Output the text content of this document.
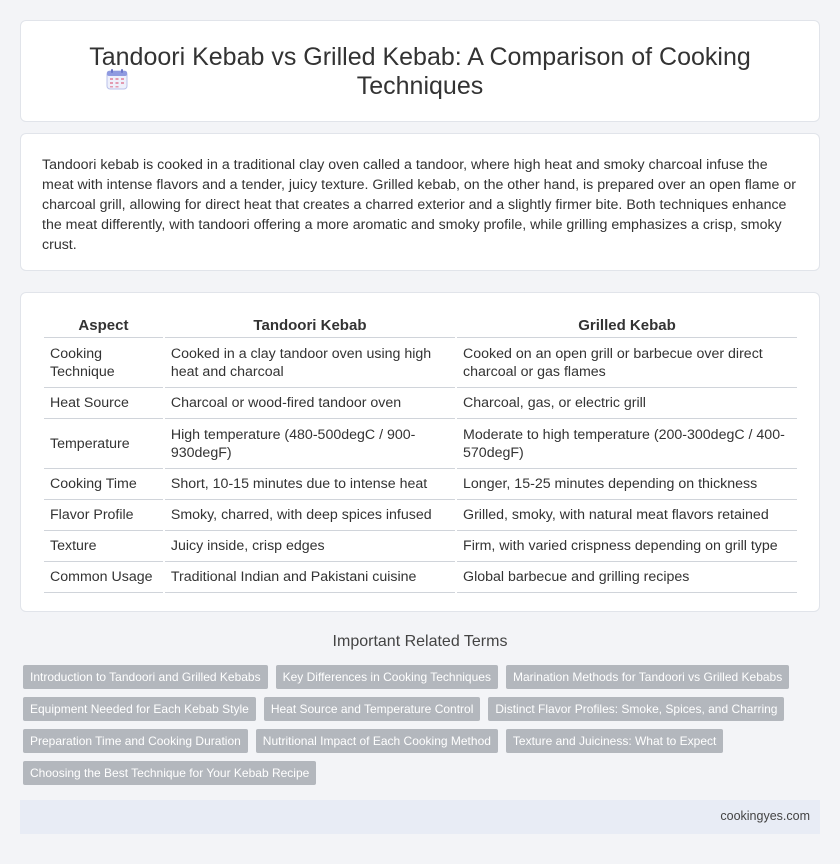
Tandoori Kebab vs Grilled Kebab: A Comparison of Cooking Techniques

Tandoori kebab is cooked in a traditional clay oven called a tandoor, where high heat and smoky charcoal infuse the meat with intense flavors and a tender, juicy texture. Grilled kebab, on the other hand, is prepared over an open flame or charcoal grill, allowing for direct heat that creates a charred exterior and a slightly firmer bite. Both techniques enhance the meat differently, with tandoori offering a more aromatic and smoky profile, while grilling emphasizes a crisp, smoky crust.

Aspect	Tandoori Kebab	Grilled Kebab
Cooking Technique	Cooked in a clay tandoor oven using high heat and charcoal	Cooked on an open grill or barbecue over direct charcoal or gas flames
Heat Source	Charcoal or wood-fired tandoor oven	Charcoal, gas, or electric grill
Temperature	High temperature (480-500degC / 900-930degF)	Moderate to high temperature (200-300degC / 400-570degF)
Cooking Time	Short, 10-15 minutes due to intense heat	Longer, 15-25 minutes depending on thickness
Flavor Profile	Smoky, charred, with deep spices infused	Grilled, smoky, with natural meat flavors retained
Texture	Juicy inside, crisp edges	Firm, with varied crispness depending on grill type
Common Usage	Traditional Indian and Pakistani cuisine	Global barbecue and grilling recipes
Important Related Terms
Introduction to Tandoori and Grilled Kebabs	Key Differences in Cooking Techniques	Marination Methods for Tandoori vs Grilled Kebabs
Equipment Needed for Each Kebab Style	Heat Source and Temperature Control	Distinct Flavor Profiles: Smoke, Spices, and Charring
Preparation Time and Cooking Duration	Nutritional Impact of Each Cooking Method	Texture and Juiciness: What to Expect
Choosing the Best Technique for Your Kebab Recipe
cookingyes.com
